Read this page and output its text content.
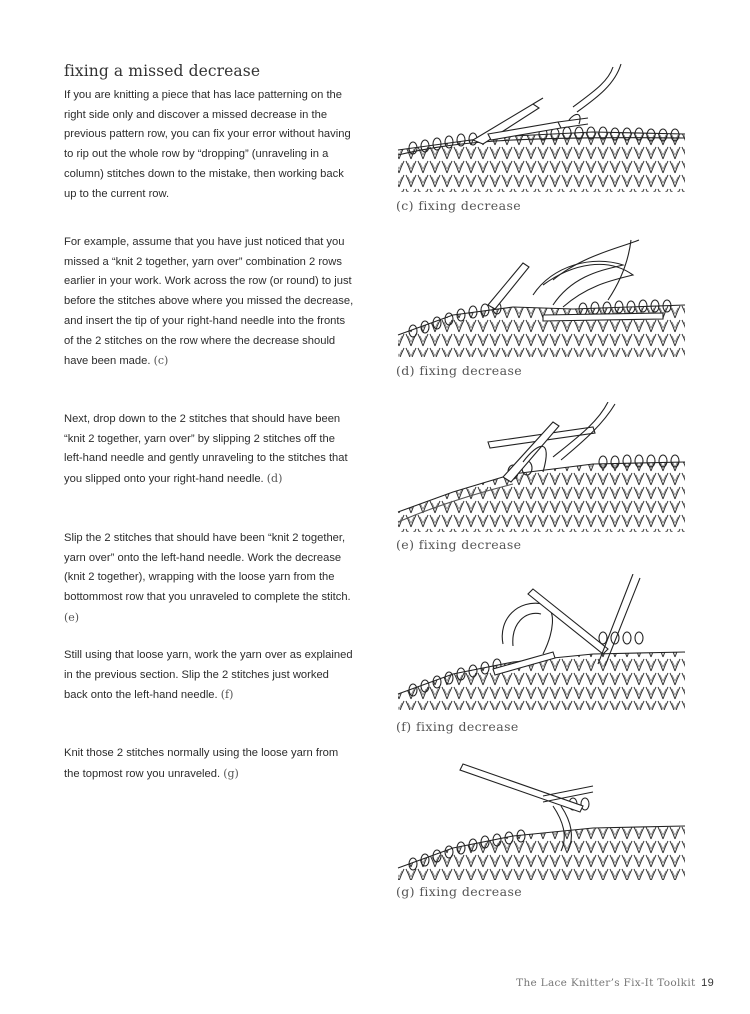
fixing a missed decrease

If you are knitting a piece that has lace patterning on the right side only and discover a missed decrease in the previous pattern row, you can fix your error without having to rip out the whole row by “dropping” (unraveling in a column) stitches down to the mistake, then working back up to the current row.

For example, assume that you have just noticed that you missed a “knit 2 together, yarn over” combination 2 rows earlier in your work. Work across the row (or round) to just before the stitches above where you missed the decrease, and insert the tip of your right-hand needle into the fronts of the 2 stitches on the row where the decrease should have been made. (c)

Next, drop down to the 2 stitches that should have been “knit 2 together, yarn over” by slipping 2 stitches off the left-hand needle and gently unraveling to the stitches that you slipped onto your right-hand needle. (d)

Slip the 2 stitches that should have been “knit 2 together, yarn over” onto the left-hand needle. Work the decrease (knit 2 together), wrapping with the loose yarn from the bottommost row that you unraveled to complete the stitch. (e)

Still using that loose yarn, work the yarn over as explained in the previous section. Slip the 2 stitches just worked back onto the left-hand needle. (f)

Knit those 2 stitches normally using the loose yarn from the topmost row you unraveled. (g)

(c) fixing decrease
(d) fixing decrease
(e) fixing decrease
(f) fixing decrease
(g) fixing decrease
The Lace Knitter’s Fix-It Toolkit 19
